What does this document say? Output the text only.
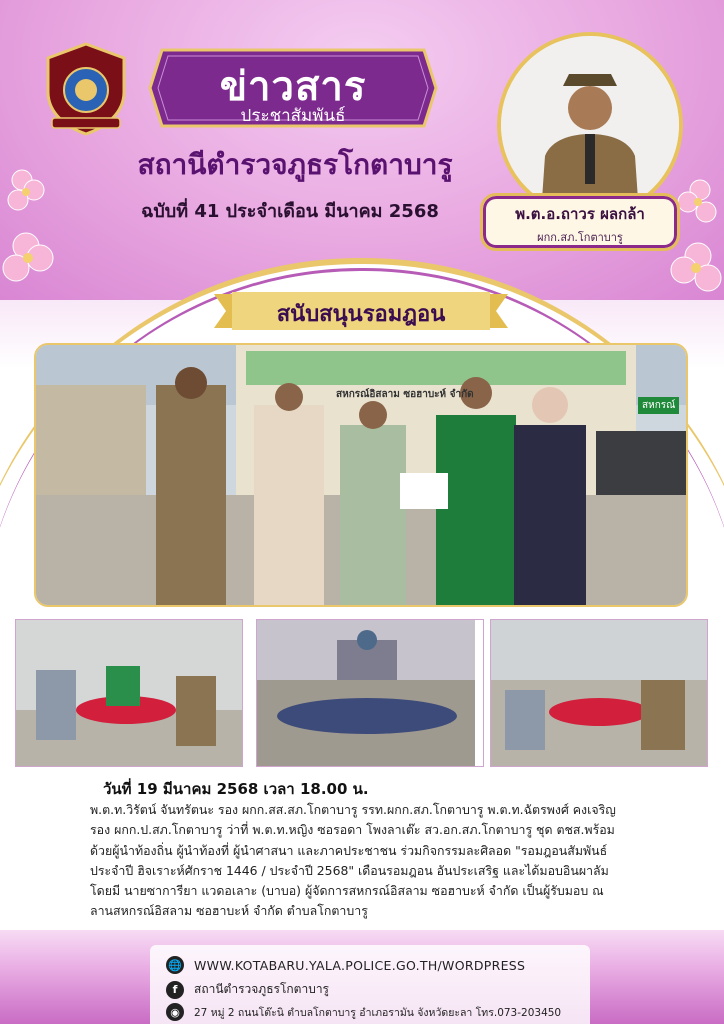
ข่าวสาร
ประชาสัมพันธ์
สถานีตำรวจภูธรโกตาบารู
ฉบับที่ 41 ประจำเดือน มีนาคม 2568	พ.ต.อ.ถาวร ผลกล้า
ผกก.สภ.โกตาบารู
สนับสนุนรอมฎอน
สหกรณ์อิสลาม ซอฮาบะห์ จำกัด
สหกรณ์
วันที่ 19 มีนาคม 2568 เวลา 18.00 น.
พ.ต.ท.วิรัตน์ จันทรัตนะ รอง ผกก.สส.สภ.โกตาบารู รรท.ผกก.สภ.โกตาบารู พ.ต.ท.ฉัตรพงศ์ คงเจริญ
รอง ผกก.ป.สภ.โกตาบารู ว่าที่ พ.ต.ท.หญิง ซอรอดา โพงลาเต๊ะ สว.อก.สภ.โกตาบารู ชุด ตชส.พร้อม
ด้วยผู้นำท้องถิ่น ผู้นำท้องที่ ผู้นำศาสนา และภาคประชาชน ร่วมกิจกรรมละศิลอด "รอมฎอนสัมพันธ์
ประจำปี ฮิจเราะห์ศักราช 1446 / ประจำปี 2568" เดือนรอมฎอน อันประเสริฐ และได้มอบอินผาลัม
โดยมี นายซาการียา แวดอเลาะ (บาบอ) ผู้จัดการสหกรณ์อิสลาม ซอฮาบะห์ จำกัด เป็นผู้รับมอบ ณ
ลานสหกรณ์อิสลาม ซอฮาบะห์ จำกัด ตำบลโกตาบารู
🌐 WWW.KOTABARU.YALA.POLICE.GO.TH/WORDPRESS
f	สถานีตำรวจภูธรโกตาบารู
◉	27 หมู่ 2 ถนนโต๊ะนิ ตำบลโกตาบารู อำเภอรามัน จังหวัดยะลา โทร.073-203450
